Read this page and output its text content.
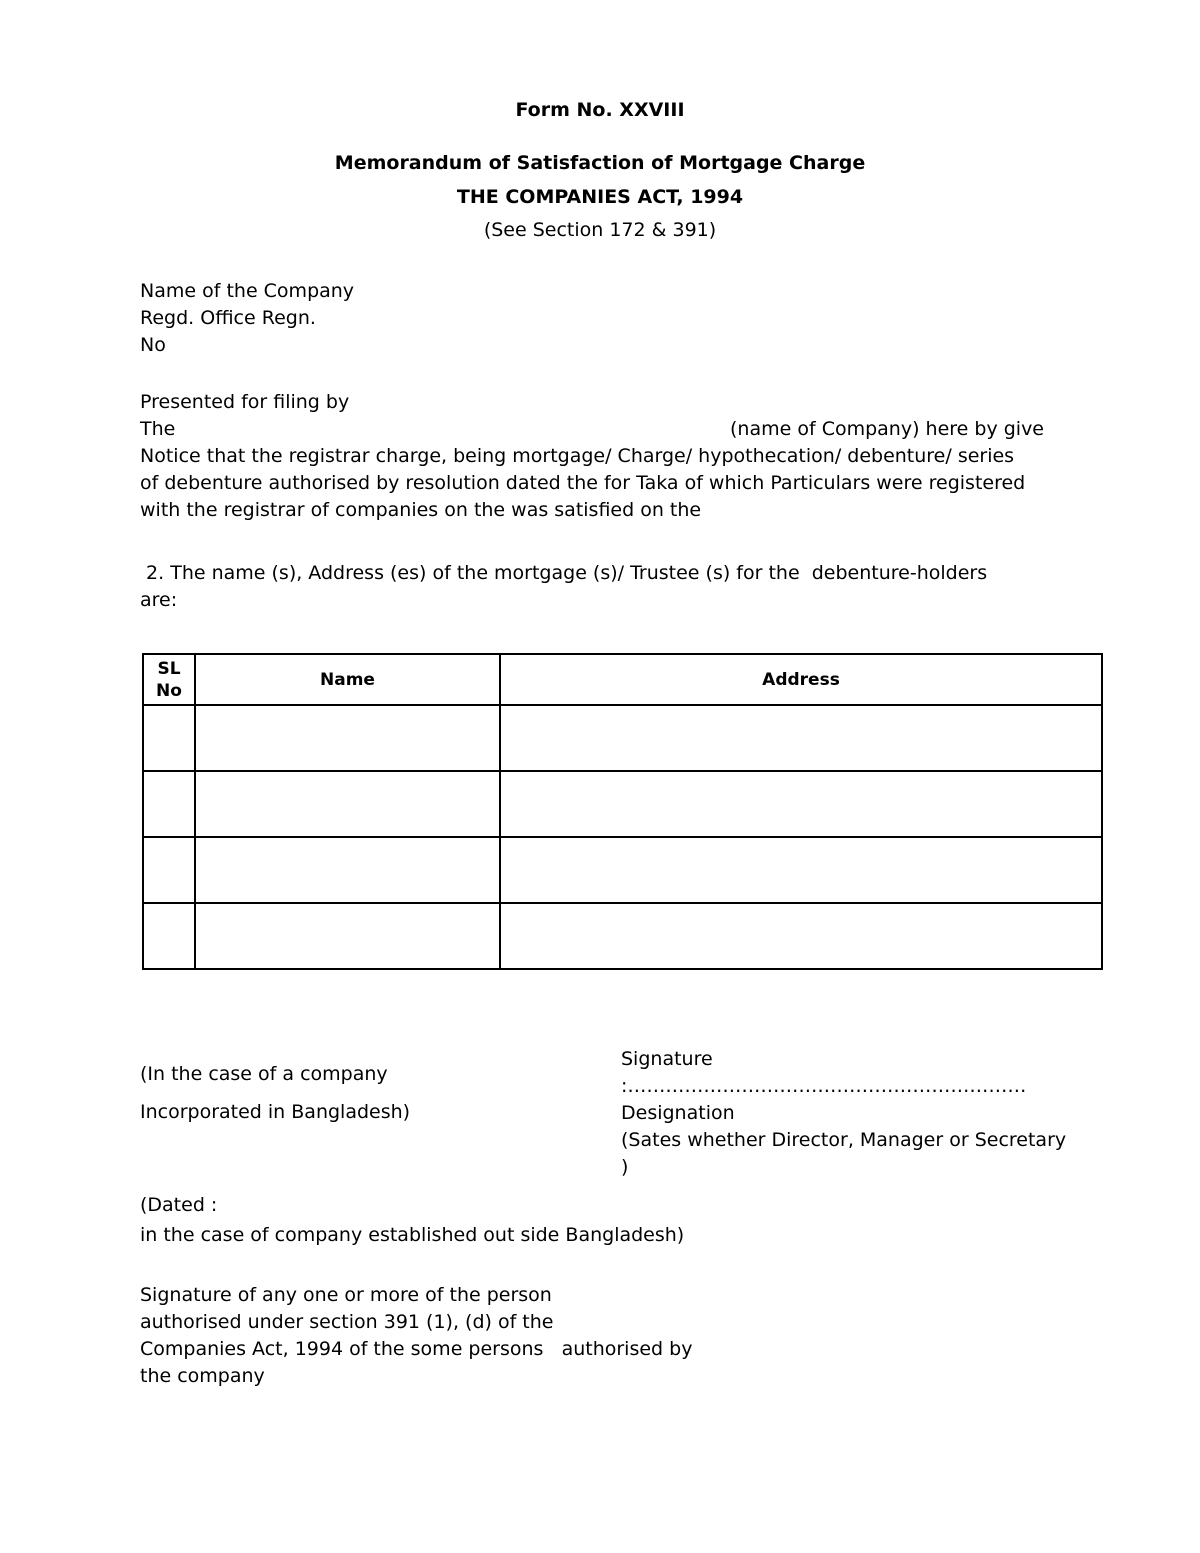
Form No. XXVIII
Memorandum of Satisfaction of Mortgage Charge
THE COMPANIES ACT, 1994
(See Section 172 & 391)
Name of the Company
Regd. Office Regn.
No
Presented for filing by
The	(name of Company) here by give
Notice that the registrar charge, being mortgage/ Charge/ hypothecation/ debenture/ series
of debenture authorised by resolution dated the for Taka of which Particulars were registered
with the registrar of companies on the was satisfied on the
2. The name (s), Address (es) of the mortgage (s)/ Trustee (s) for the  debenture-holders
are:
SL
No	Name	Address

(In the case of a company
Incorporated in Bangladesh)
Signature
:………………………………………………………
Designation
(Sates whether Director, Manager or Secretary
)
(Dated :
in the case of company established out side Bangladesh)
Signature of any one or more of the person
authorised under section 391 (1), (d) of the
Companies Act, 1994 of the some persons   authorised by
the company
